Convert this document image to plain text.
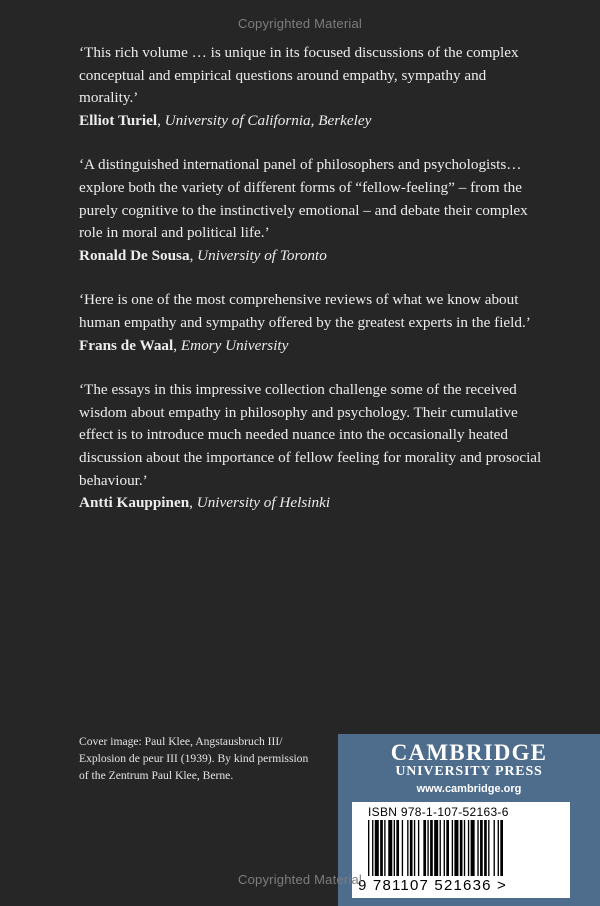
Copyrighted Material

‘This rich volume … is unique in its focused discussions of the complex conceptual and empirical questions around empathy, sympathy and morality.’

Elliot Turiel, University of California, Berkeley

‘A distinguished international panel of philosophers and psychologists… explore both the variety of different forms of “fellow-feeling” – from the purely cognitive to the instinctively emotional – and debate their complex role in moral and political life.’

Ronald De Sousa, University of Toronto

‘Here is one of the most comprehensive reviews of what we know about human empathy and sympathy offered by the greatest experts in the field.’

Frans de Waal, Emory University

‘The essays in this impressive collection challenge some of the received wisdom about empathy in philosophy and psychology. Their cumulative effect is to introduce much needed nuance into the occasionally heated discussion about the importance of fellow feeling for morality and prosocial behaviour.’

Antti Kauppinen, University of Helsinki

Cover image: Paul Klee, Angstausbruch III/
Explosion de peur III (1939). By kind permission
of the Zentrum Paul Klee, Berne.

CAMBRIDGE
UNIVERSITY PRESS
www.cambridge.org
ISBN 978-1-107-52163-6
9 781107 521636 >
Copyrighted Material
